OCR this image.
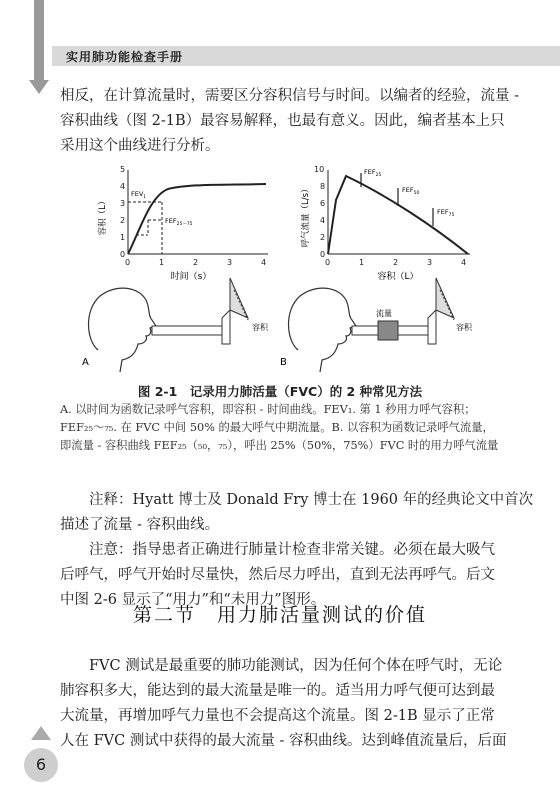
实用肺功能检查手册
相反，在计算流量时，需要区分容积信号与时间。以编者的经验，流量 -
容积曲线（图 2-1B）最容易解释，也最有意义。因此，编者基本上只
采用这个曲线进行分析。
0
1
2
3
4
5
0	1	2	3	4
$FEV_1$
$FEF_{25\sim 75}$
容积（L）
时间（s）
0
2
4
6
8
10
0	1	2	3	4
$FEF_{25}$
$FEF_{50}$
$FEF_{75}$
呼气流量（L/s）
容积（L）
容积
A
流量
容积
B
图 2-1　记录用力肺活量（FVC）的 2 种常见方法
A. 以时间为函数记录呼气容积，即容积 - 时间曲线。FEV₁. 第 1 秒用力呼气容积；
FEF₂₅～₇₅. 在 FVC 中间 50% 的最大呼气中期流量。B. 以容积为函数记录呼气流量，
即流量 - 容积曲线 FEF₂₅（₅₀，₇₅），呼出 25%（50%，75%）FVC 时的用力呼气流量
注释：Hyatt 博士及 Donald Fry 博士在 1960 年的经典论文中首次
描述了流量 - 容积曲线。
注意：指导患者正确进行肺量计检查非常关键。必须在最大吸气
后呼气，呼气开始时尽量快，然后尽力呼出，直到无法再呼气。后文
中图 2-6 显示了“用力”和“未用力”图形。
第二节　用力肺活量测试的价值
FVC 测试是最重要的肺功能测试，因为任何个体在呼气时，无论
肺容积多大，能达到的最大流量是唯一的。适当用力呼气便可达到最
大流量，再增加呼气力量也不会提高这个流量。图 2-1B 显示了正常
人在 FVC 测试中获得的最大流量 - 容积曲线。达到峰值流量后，后面
6
